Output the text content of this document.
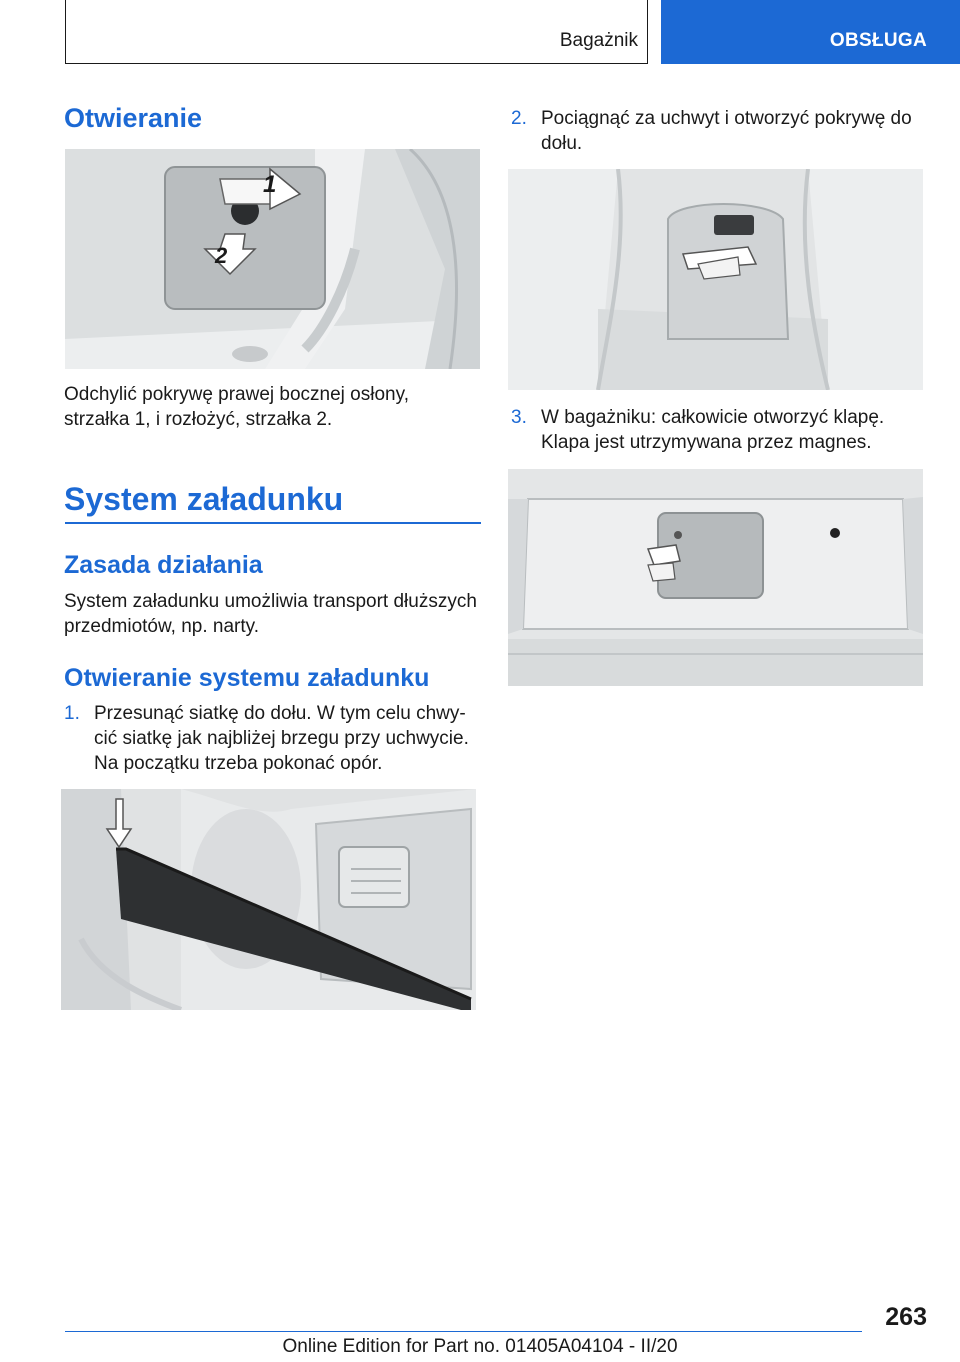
Bagażnik	OBSŁUGA
Otwieranie
1
2
Odchylić pokrywę prawej bocznej osłony,
strzałka 1, i rozłożyć, strzałka 2.
System załadunku
Zasada działania
System załadunku umożliwia transport dłuższych
przedmiotów, np. narty.
Otwieranie systemu załadunku
1. Przesunąć siatkę do dołu. W tym celu chwy-
cić siatkę jak najbliżej brzegu przy uchwycie.
Na początku trzeba pokonać opór.
2. Pociągnąć za uchwyt i otworzyć pokrywę do
dołu.
3. W bagażniku: całkowicie otworzyć klapę.
Klapa jest utrzymywana przez magnes.
263
Online Edition for Part no. 01405A04104 - II/20
